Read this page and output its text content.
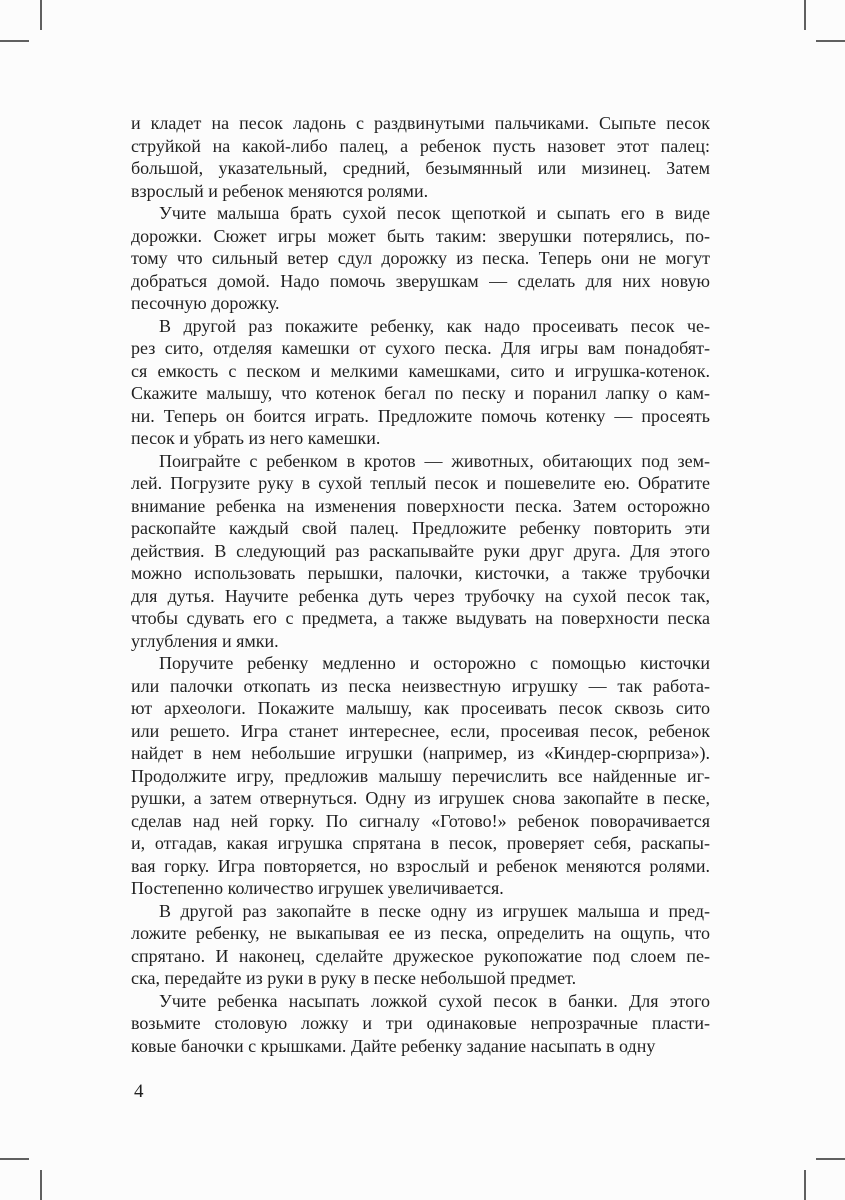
и кладет на песок ладонь с раздвинутыми пальчиками. Сыпьте песок
струйкой на какой-либо палец, а ребенок пусть назовет этот палец:
большой, указательный, средний, безымянный или мизинец. Затем
взрослый и ребенок меняются ролями.
Учите малыша брать сухой песок щепоткой и сыпать его в виде
дорожки. Сюжет игры может быть таким: зверушки потерялись, по-
тому что сильный ветер сдул дорожку из песка. Теперь они не могут
добраться домой. Надо помочь зверушкам — сделать для них новую
песочную дорожку.
В другой раз покажите ребенку, как надо просеивать песок че-
рез сито, отделяя камешки от сухого песка. Для игры вам понадобят-
ся емкость с песком и мелкими камешками, сито и игрушка-котенок.
Скажите малышу, что котенок бегал по песку и поранил лапку о кам-
ни. Теперь он боится играть. Предложите помочь котенку — просеять
песок и убрать из него камешки.
Поиграйте с ребенком в кротов — животных, обитающих под зем-
лей. Погрузите руку в сухой теплый песок и пошевелите ею. Обратите
внимание ребенка на изменения поверхности песка. Затем осторожно
раскопайте каждый свой палец. Предложите ребенку повторить эти
действия. В следующий раз раскапывайте руки друг друга. Для этого
можно использовать перышки, палочки, кисточки, а также трубочки
для дутья. Научите ребенка дуть через трубочку на сухой песок так,
чтобы сдувать его с предмета, а также выдувать на поверхности песка
углубления и ямки.
Поручите ребенку медленно и осторожно с помощью кисточки
или палочки откопать из песка неизвестную игрушку — так работа-
ют археологи. Покажите малышу, как просеивать песок сквозь сито
или решето. Игра станет интереснее, если, просеивая песок, ребенок
найдет в нем небольшие игрушки (например, из «Киндер-сюрприза»).
Продолжите игру, предложив малышу перечислить все найденные иг-
рушки, а затем отвернуться. Одну из игрушек снова закопайте в песке,
сделав над ней горку. По сигналу «Готово!» ребенок поворачивается
и, отгадав, какая игрушка спрятана в песок, проверяет себя, раскапы-
вая горку. Игра повторяется, но взрослый и ребенок меняются ролями.
Постепенно количество игрушек увеличивается.
В другой раз закопайте в песке одну из игрушек малыша и пред-
ложите ребенку, не выкапывая ее из песка, определить на ощупь, что
спрятано. И наконец, сделайте дружеское рукопожатие под слоем пе-
ска, передайте из руки в руку в песке небольшой предмет.
Учите ребенка насыпать ложкой сухой песок в банки. Для этого
возьмите столовую ложку и три одинаковые непрозрачные пласти-
ковые баночки с крышками. Дайте ребенку задание насыпать в одну
4
